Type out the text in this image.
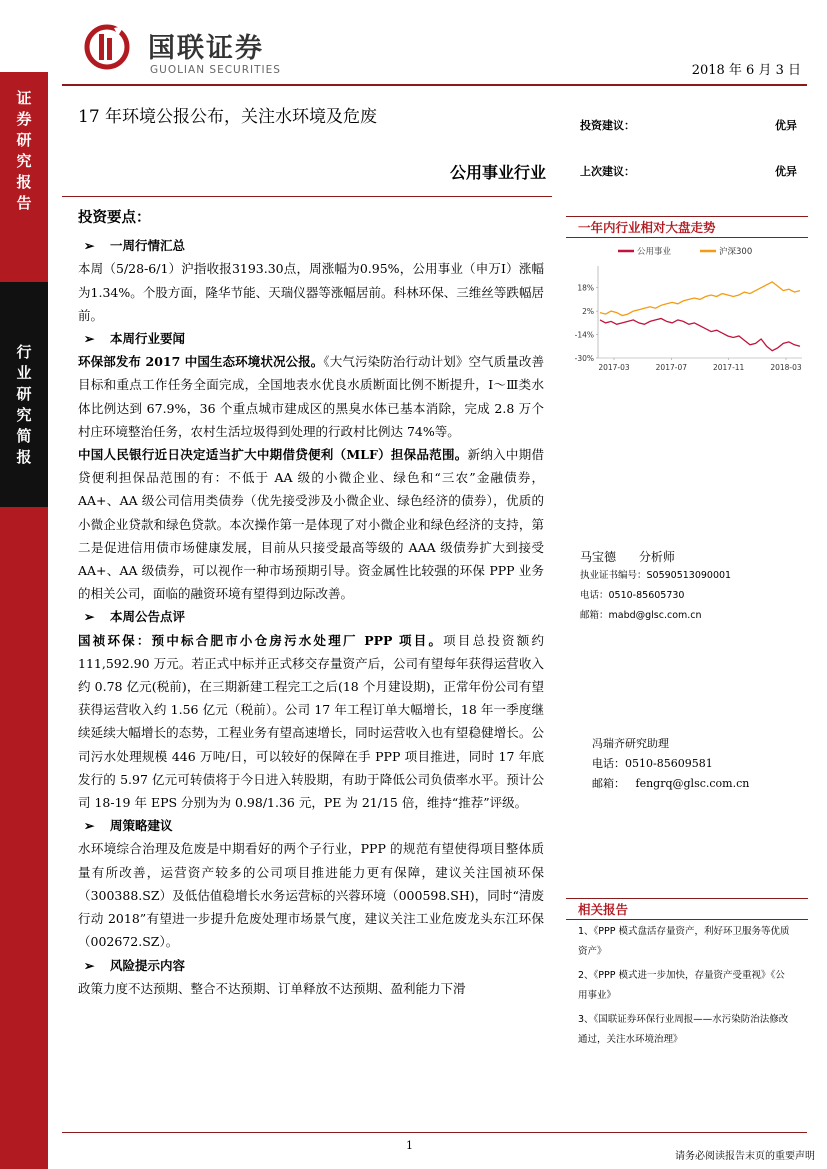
证
券
研
究
报
告
行
业
研
究
简
报
国联证券
GUOLIAN SECURITIES	2018 年 6 月 3 日
17 年环境公报公布，关注水环境及危废
公用事业行业
投资建议：	优异
上次建议：	优异

投资要点：

➢ 一周行情汇总

本周（5/28-6/1）沪指收报3193.30点，周涨幅为0.95%，公用事业（申万Ⅰ）涨幅为1.34%。个股方面，隆华节能、天瑞仪器等涨幅居前。科林环保、三维丝等跌幅居前。

➢ 本周行业要闻

环保部发布 2017 中国生态环境状况公报。《大气污染防治行动计划》空气质量改善目标和重点工作任务全面完成，全国地表水优良水质断面比例不断提升，Ⅰ～Ⅲ类水体比例达到 67.9%，36 个重点城市建成区的黑臭水体已基本消除，完成 2.8 万个村庄环境整治任务，农村生活垃圾得到处理的行政村比例达 74%等。

中国人民银行近日决定适当扩大中期借贷便利（MLF）担保品范围。新纳入中期借贷便利担保品范围的有：不低于 AA 级的小微企业、绿色和“三农”金融债券，AA+、AA 级公司信用类债券（优先接受涉及小微企业、绿色经济的债券），优质的小微企业贷款和绿色贷款。本次操作第一是体现了对小微企业和绿色经济的支持，第二是促进信用债市场健康发展，目前从只接受最高等级的 AAA 级债券扩大到接受 AA+、AA 级债券，可以视作一种市场预期引导。资金属性比较强的环保 PPP 业务的相关公司，面临的融资环境有望得到边际改善。

➢ 本周公告点评

国祯环保：预中标合肥市小仓房污水处理厂 PPP 项目。项目总投资额约 111,592.90 万元。若正式中标并正式移交存量资产后，公司有望每年获得运营收入约 0.78 亿元(税前)，在三期新建工程完工之后(18 个月建设期)，正常年份公司有望获得运营收入约 1.56 亿元（税前）。公司 17 年工程订单大幅增长，18 年一季度继续延续大幅增长的态势，工程业务有望高速增长，同时运营收入也有望稳健增长。公司污水处理规模 446 万吨/日，可以较好的保障在手 PPP 项目推进，同时 17 年底发行的 5.97 亿元可转债将于今日进入转股期，有助于降低公司负债率水平。预计公司 18-19 年 EPS 分别为为 0.98/1.36 元，PE 为 21/15 倍，维持“推荐”评级。

➢ 周策略建议

水环境综合治理及危废是中期看好的两个子行业，PPP 的规范有望使得项目整体质量有所改善，运营资产较多的公司项目推进能力更有保障，建议关注国祯环保（300388.SZ）及低估值稳增长水务运营标的兴蓉环境（000598.SH)，同时“清废行动 2018”有望进一步提升危废处理市场景气度，建议关注工业危废龙头东江环保（002672.SZ）。

➢ 风险提示内容

政策力度不达预期、整合不达预期、订单释放不达预期、盈利能力下滑

一年内行业相对大盘走势
公用事业	沪深300
18%
2%
-14%
-30%
2017-03	2017-07	2017-11	2018-03
马宝德 分析师
执业证书编号：S0590513090001
电话：0510-85605730
邮箱：mabd@glsc.com.cn
冯瑞齐研究助理
电话：0510-85609581
邮箱： fengrq@glsc.com.cn
相关报告

1、《PPP 模式盘活存量资产，利好环卫服务等优质资产》

2、《PPP 模式进一步加快，存量资产受重视》《公用事业》

3、《国联证券环保行业周报——水污染防治法修改通过，关注水环境治理》

1
请务必阅读报告末页的重要声明
